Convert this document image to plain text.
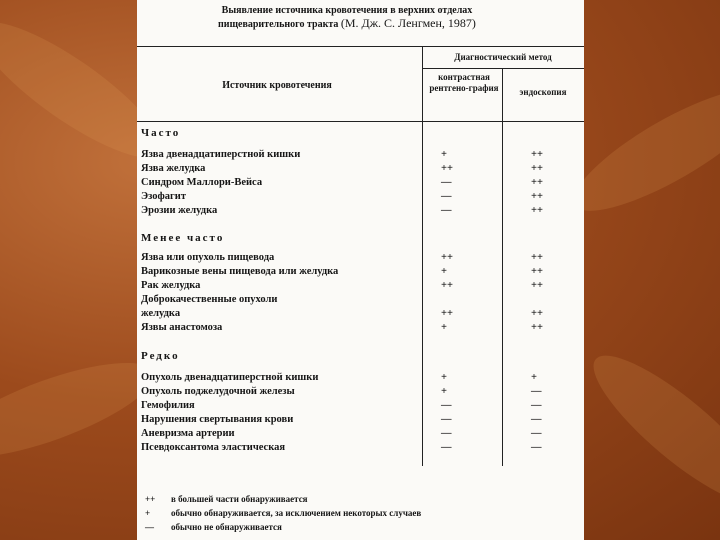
Выявление источника кровотечения в верхних отделах
пищеварительного тракта (М. Дж. С. Ленгмен, 1987)
Источник кровотечения
Диагностический метод
контрастная рентгено-графия	эндоскопия
Часто
Язва двенадцатиперстной кишки	+	++
Язва желудка	++	++
Синдром Маллори-Вейса	—	++
Эзофагит	—	++
Эрозии желудка	—	++
Менее часто
Язва или опухоль пищевода	++	++
Варикозные вены пищевода или желудка	+	++
Рак желудка	++	++
Доброкачественные опухоли
желудка	++	++
Язвы анастомоза	+	++
Редко
Опухоль двенадцатиперстной кишки	+	+
Опухоль поджелудочной железы	+	—
Гемофилия	—	—
Нарушения свертывания крови	—	—
Аневризма артерии	—	—
Псевдоксантома эластическая	—	—
++ в большей части обнаруживается
+ обычно обнаруживается, за исключением некоторых случаев
— обычно не обнаруживается
